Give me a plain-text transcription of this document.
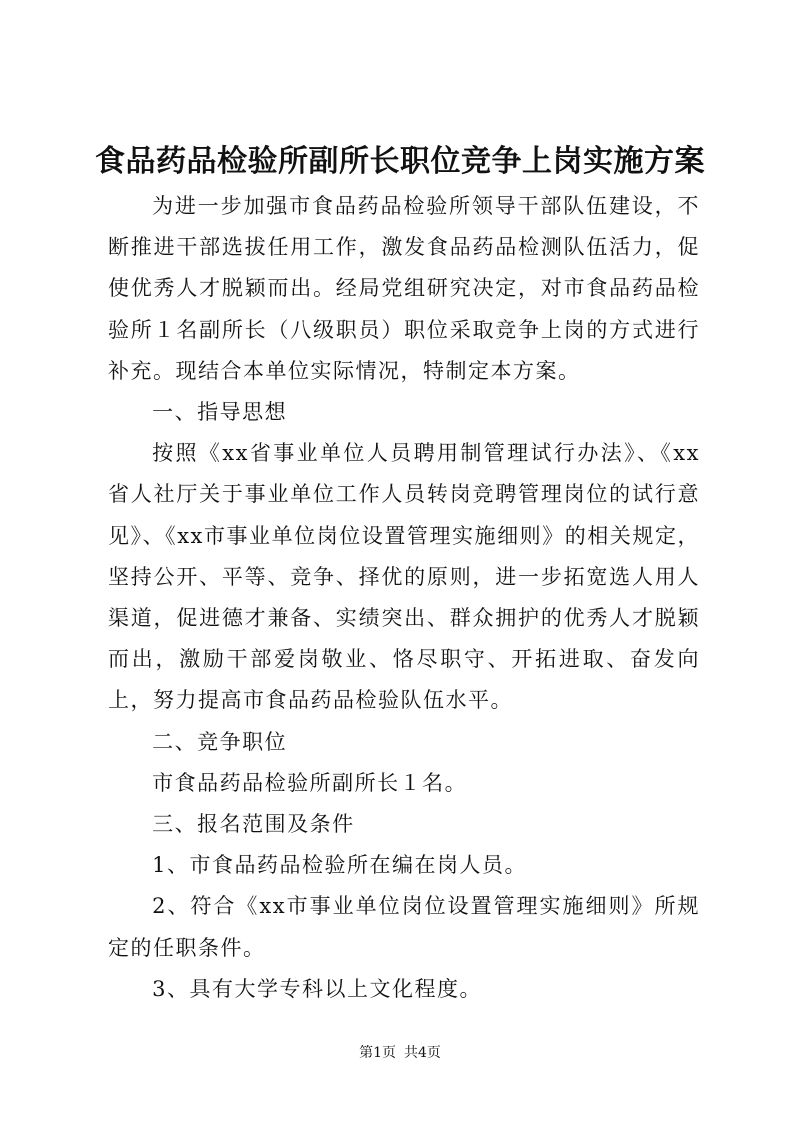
食品药品检验所副所长职位竞争上岗实施方案

为进一步加强市食品药品检验所领导干部队伍建设，不断推进干部选拔任用工作，激发食品药品检测队伍活力，促使优秀人才脱颖而出。经局党组研究决定，对市食品药品检验所１名副所长（八级职员）职位采取竞争上岗的方式进行补充。现结合本单位实际情况，特制定本方案。

一、指导思想

按照《xx省事业单位人员聘用制管理试行办法》、《xx省人社厅关于事业单位工作人员转岗竞聘管理岗位的试行意见》、《xx市事业单位岗位设置管理实施细则》的相关规定，坚持公开、平等、竞争、择优的原则，进一步拓宽选人用人渠道，促进德才兼备、实绩突出、群众拥护的优秀人才脱颖而出，激励干部爱岗敬业、恪尽职守、开拓进取、奋发向上，努力提高市食品药品检验队伍水平。

二、竞争职位

市食品药品检验所副所长１名。

三、报名范围及条件

1、市食品药品检验所在编在岗人员。

2、符合《xx市事业单位岗位设置管理实施细则》所规定的任职条件。

3、具有大学专科以上文化程度。

第1页 共4页
